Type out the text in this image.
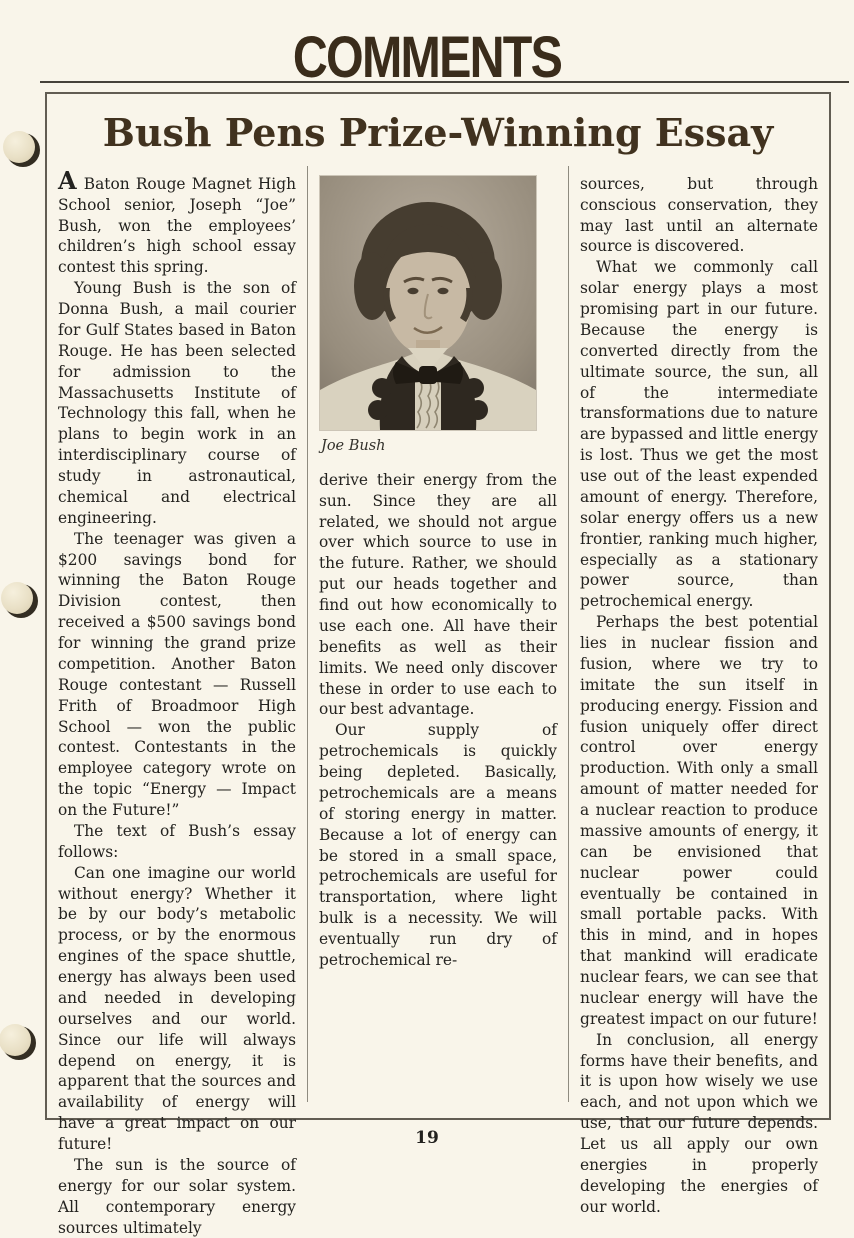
COMMENTS
Bush Pens Prize-Winning Essay

A Baton Rouge Magnet High School senior, Joseph “Joe” Bush, won the employees’ children’s high school essay contest this spring.

Young Bush is the son of Donna Bush, a mail courier for Gulf States based in Baton Rouge. He has been selected for admission to the Massachusetts Institute of Technology this fall, when he plans to begin work in an interdisciplinary course of study in astronautical, chemical and electrical engineering.

The teenager was given a $200 savings bond for winning the Baton Rouge Division contest, then received a $500 savings bond for winning the grand prize competition. Another Baton Rouge contestant — Russell Frith of Broadmoor High School — won the public contest. Contestants in the employee category wrote on the topic “Energy — Impact on the Future!”

The text of Bush’s essay follows:

Can one imagine our world without energy? Whether it be by our body’s metabolic process, or by the enormous engines of the space shuttle, energy has always been used and needed in developing ourselves and our world. Since our life will always depend on energy, it is apparent that the sources and availability of energy will have a great impact on our future!

The sun is the source of energy for our solar system. All contemporary energy sources ultimately

Joe Bush

derive their energy from the sun. Since they are all related, we should not argue over which source to use in the future. Rather, we should put our heads together and find out how economically to use each one. All have their benefits as well as their limits. We need only discover these in order to use each to our best advantage.

Our supply of petrochemicals is quickly being depleted. Basically, petrochemicals are a means of storing energy in matter. Because a lot of energy can be stored in a small space, petrochemicals are useful for transportation, where light bulk is a necessity. We will eventually run dry of petrochemical re-

sources, but through conscious conservation, they may last until an alternate source is discovered.

What we commonly call solar energy plays a most promising part in our future. Because the energy is converted directly from the ultimate source, the sun, all of the intermediate transformations due to nature are bypassed and little energy is lost. Thus we get the most use out of the least expended amount of energy. Therefore, solar energy offers us a new frontier, ranking much higher, especially as a stationary power source, than petrochemical energy.

Perhaps the best potential lies in nuclear fission and fusion, where we try to imitate the sun itself in producing energy. Fission and fusion uniquely offer direct control over energy production. With only a small amount of matter needed for a nuclear reaction to produce massive amounts of energy, it can be envisioned that nuclear power could eventually be contained in small portable packs. With this in mind, and in hopes that mankind will eradicate nuclear fears, we can see that nuclear energy will have the greatest impact on our future!

In conclusion, all energy forms have their benefits, and it is upon how wisely we use each, and not upon which we use, that our future depends. Let us all apply our own energies in properly developing the energies of our world.

19
